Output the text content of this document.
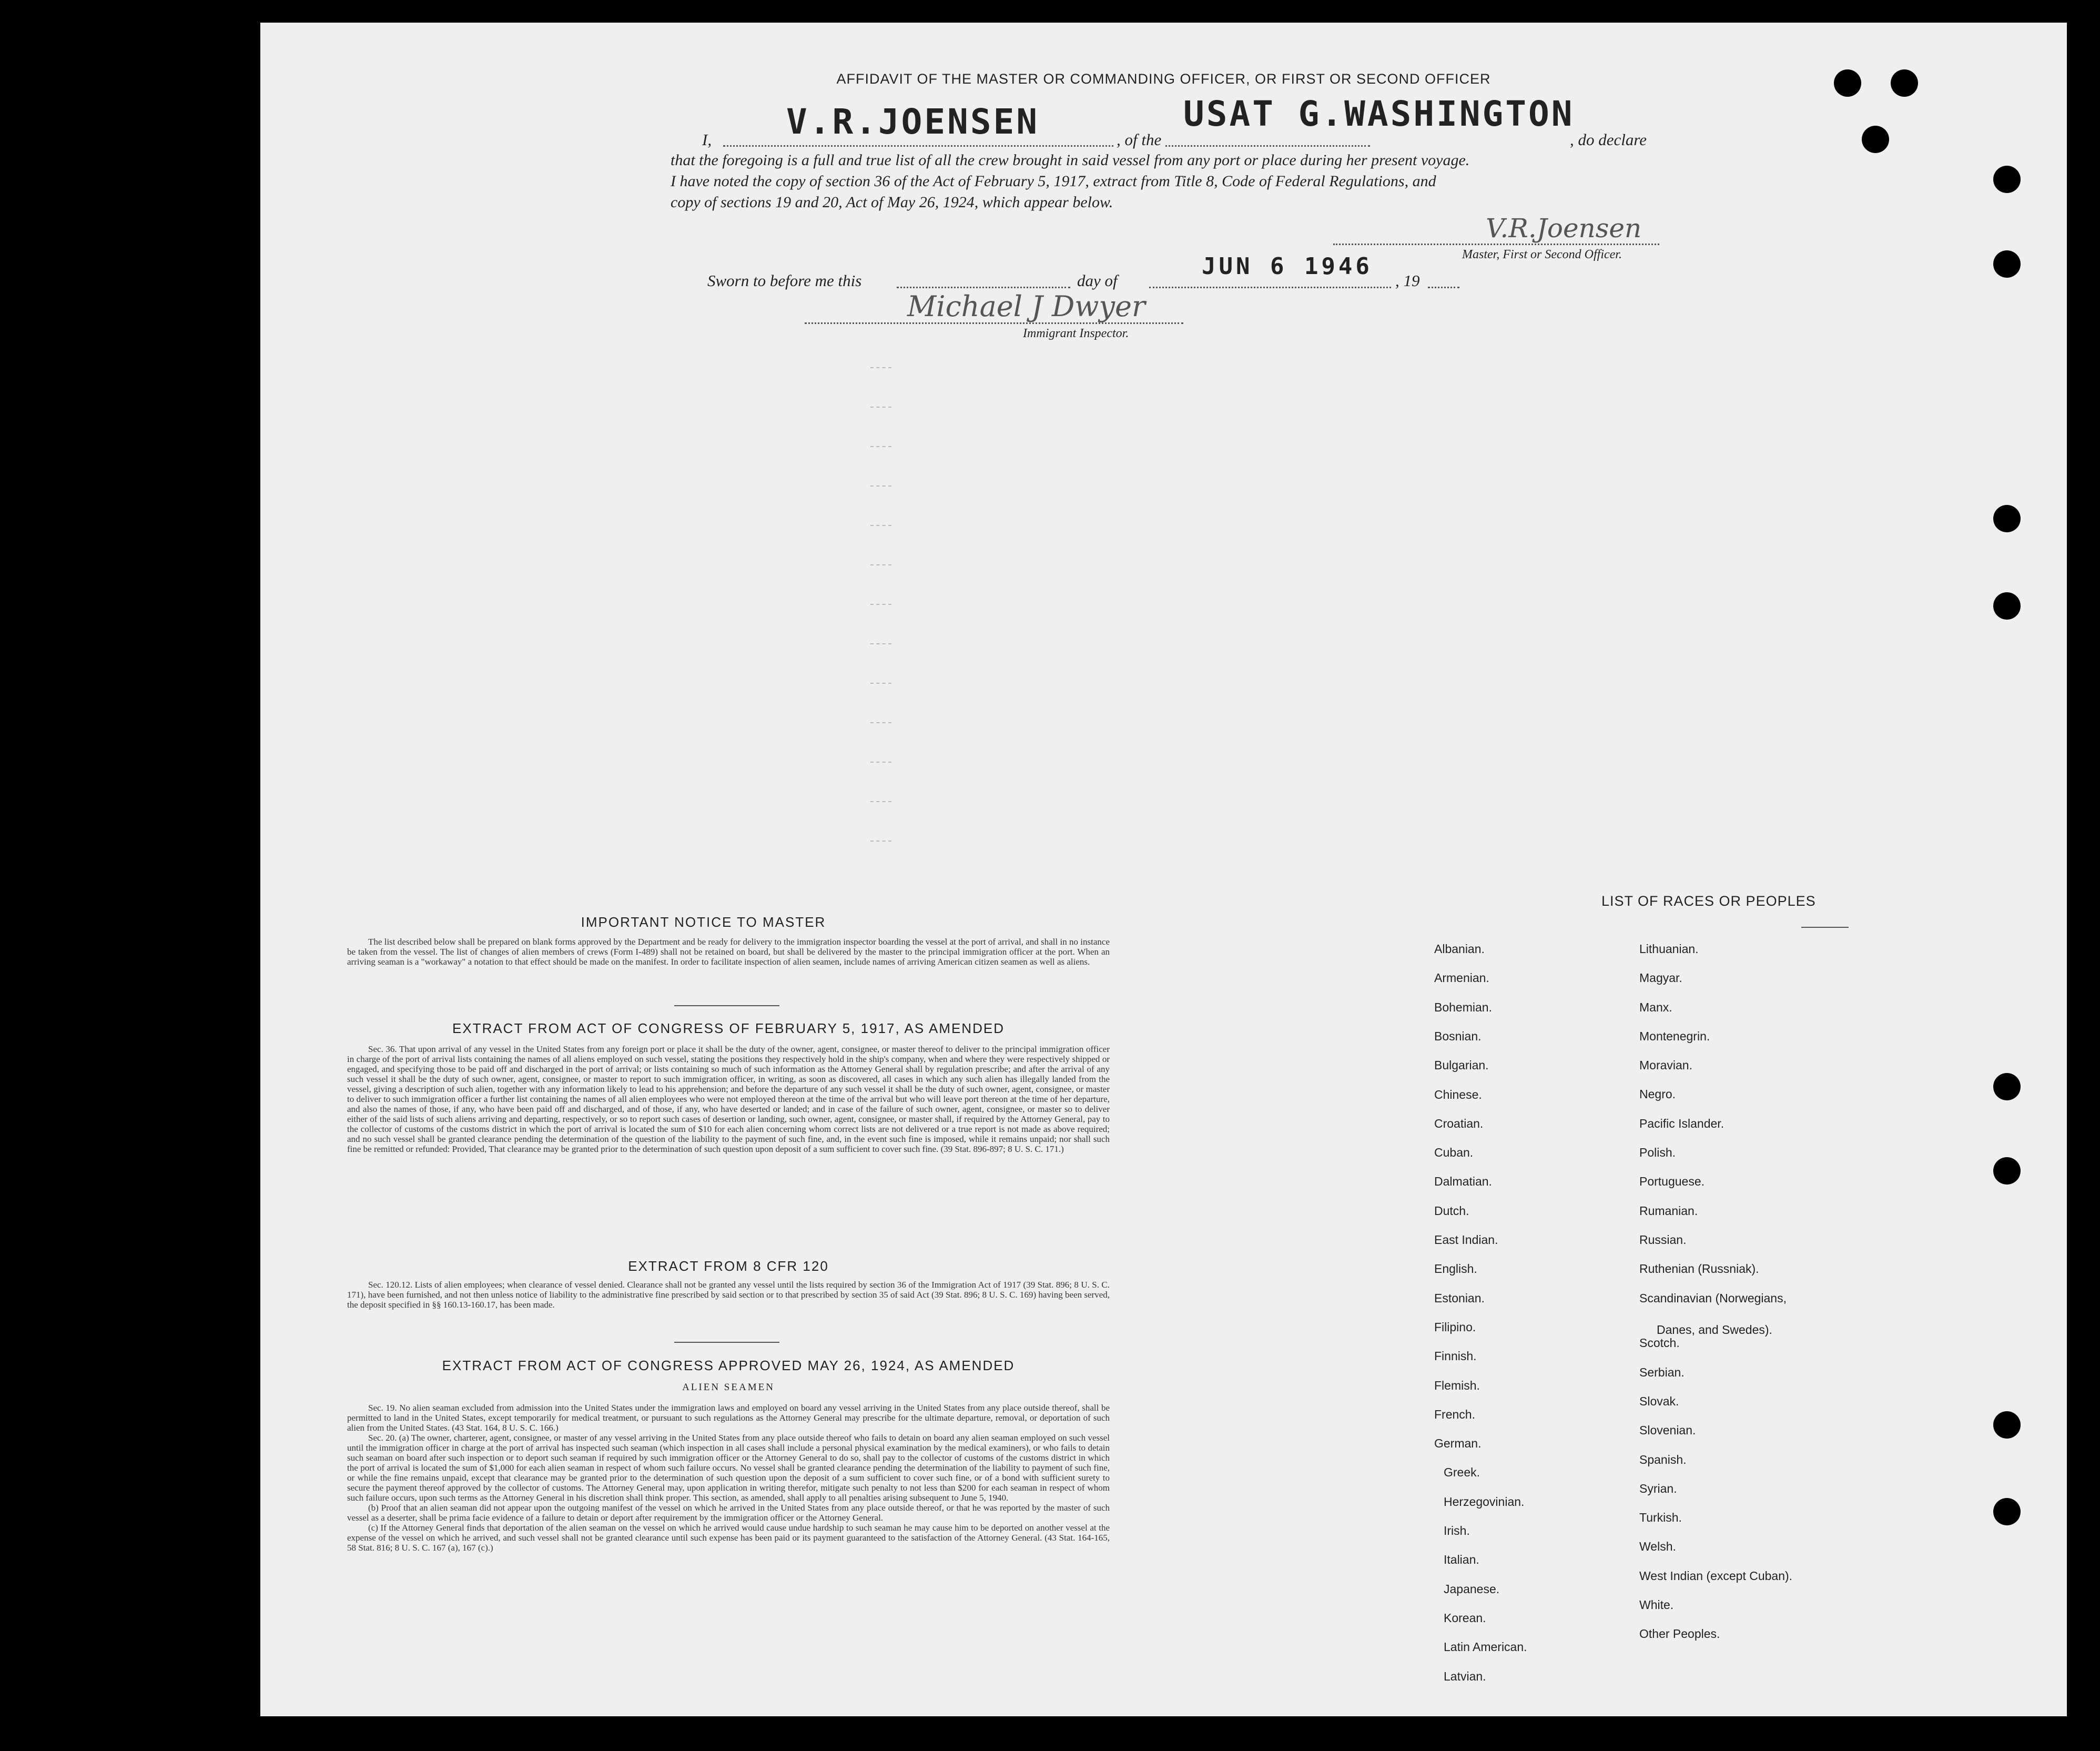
AFFIDAVIT OF THE MASTER OR COMMANDING OFFICER, OR FIRST OR SECOND OFFICER
I, V.R.JOENSEN	, of the
USAT G.WASHINGTON
, do declare
that the foregoing is a full and true list of all the crew brought in said vessel from any port or place during her present voyage.
I have noted the copy of section 36 of the Act of February 5, 1917, extract from Title 8, Code of Federal Regulations, and
copy of sections 19 and 20, Act of May 26, 1924, which appear below.
V.R.Joensen
Master, First or Second Officer.
Sworn to before me this	day of
JUN 6 1946
, 19
Michael J Dwyer
Immigrant Inspector.
IMPORTANT NOTICE TO MASTER

The list described below shall be prepared on blank forms approved by the Department and be ready for delivery to the immigration inspector boarding the vessel at the port of arrival, and shall in no instance be taken from the vessel. The list of changes of alien members of crews (Form I-489) shall not be retained on board, but shall be delivered by the master to the principal immigration officer at the port. When an arriving seaman is a "workaway" a notation to that effect should be made on the manifest. In order to facilitate inspection of alien seamen, include names of arriving American citizen seamen as well as aliens.

EXTRACT FROM ACT OF CONGRESS OF FEBRUARY 5, 1917, AS AMENDED

Sec. 36. That upon arrival of any vessel in the United States from any foreign port or place it shall be the duty of the owner, agent, consignee, or master thereof to deliver to the principal immigration officer in charge of the port of arrival lists containing the names of all aliens employed on such vessel, stating the positions they respectively hold in the ship's company, when and where they were respectively shipped or engaged, and specifying those to be paid off and discharged in the port of arrival; or lists containing so much of such information as the Attorney General shall by regulation prescribe; and after the arrival of any such vessel it shall be the duty of such owner, agent, consignee, or master to report to such immigration officer, in writing, as soon as discovered, all cases in which any such alien has illegally landed from the vessel, giving a description of such alien, together with any information likely to lead to his apprehension; and before the departure of any such vessel it shall be the duty of such owner, agent, consignee, or master to deliver to such immigration officer a further list containing the names of all alien employees who were not employed thereon at the time of the arrival but who will leave port thereon at the time of her departure, and also the names of those, if any, who have been paid off and discharged, and of those, if any, who have deserted or landed; and in case of the failure of such owner, agent, consignee, or master so to deliver either of the said lists of such aliens arriving and departing, respectively, or so to report such cases of desertion or landing, such owner, agent, consignee, or master shall, if required by the Attorney General, pay to the collector of customs of the customs district in which the port of arrival is located the sum of $10 for each alien concerning whom correct lists are not delivered or a true report is not made as above required; and no such vessel shall be granted clearance pending the determination of the question of the liability to the payment of such fine, and, in the event such fine is imposed, while it remains unpaid; nor shall such fine be remitted or refunded: Provided, That clearance may be granted prior to the determination of such question upon deposit of a sum sufficient to cover such fine. (39 Stat. 896-897; 8 U. S. C. 171.)

EXTRACT FROM 8 CFR 120

Sec. 120.12. Lists of alien employees; when clearance of vessel denied. Clearance shall not be granted any vessel until the lists required by section 36 of the Immigration Act of 1917 (39 Stat. 896; 8 U. S. C. 171), have been furnished, and not then unless notice of liability to the administrative fine prescribed by said section or to that prescribed by section 35 of said Act (39 Stat. 896; 8 U. S. C. 169) having been served, the deposit specified in §§ 160.13-160.17, has been made.

EXTRACT FROM ACT OF CONGRESS APPROVED MAY 26, 1924, AS AMENDED
ALIEN SEAMEN

Sec. 19. No alien seaman excluded from admission into the United States under the immigration laws and employed on board any vessel arriving in the United States from any place outside thereof, shall be permitted to land in the United States, except temporarily for medical treatment, or pursuant to such regulations as the Attorney General may prescribe for the ultimate departure, removal, or deportation of such alien from the United States. (43 Stat. 164, 8 U. S. C. 166.)

Sec. 20. (a) The owner, charterer, agent, consignee, or master of any vessel arriving in the United States from any place outside thereof who fails to detain on board any alien seaman employed on such vessel until the immigration officer in charge at the port of arrival has inspected such seaman (which inspection in all cases shall include a personal physical examination by the medical examiners), or who fails to detain such seaman on board after such inspection or to deport such seaman if required by such immigration officer or the Attorney General to do so, shall pay to the collector of customs of the customs district in which the port of arrival is located the sum of $1,000 for each alien seaman in respect of whom such failure occurs. No vessel shall be granted clearance pending the determination of the liability to payment of such fine, or while the fine remains unpaid, except that clearance may be granted prior to the determination of such question upon the deposit of a sum sufficient to cover such fine, or of a bond with sufficient surety to secure the payment thereof approved by the collector of customs. The Attorney General may, upon application in writing therefor, mitigate such penalty to not less than $200 for each seaman in respect of whom such failure occurs, upon such terms as the Attorney General in his discretion shall think proper. This section, as amended, shall apply to all penalties arising subsequent to June 5, 1940.

(b) Proof that an alien seaman did not appear upon the outgoing manifest of the vessel on which he arrived in the United States from any place outside thereof, or that he was reported by the master of such vessel as a deserter, shall be prima facie evidence of a failure to detain or deport after requirement by the immigration officer or the Attorney General.

(c) If the Attorney General finds that deportation of the alien seaman on the vessel on which he arrived would cause undue hardship to such seaman he may cause him to be deported on another vessel at the expense of the vessel on which he arrived, and such vessel shall not be granted clearance until such expense has been paid or its payment guaranteed to the satisfaction of the Attorney General. (43 Stat. 164-165, 58 Stat. 816; 8 U. S. C. 167 (a), 167 (c).)

LIST OF RACES OR PEOPLES
Albanian.
Armenian.
Bohemian.
Bosnian.
Bulgarian.
Chinese.
Croatian.
Cuban.
Dalmatian.
Dutch.
East Indian.
English.
Estonian.
Filipino.
Finnish.
Flemish.
French.
German.
Greek.
Herzegovinian.
Irish.
Italian.
Japanese.
Korean.
Latin American.
Latvian.
Lithuanian.
Magyar.
Manx.
Montenegrin.
Moravian.
Negro.
Pacific Islander.
Polish.
Portuguese.
Rumanian.
Russian.
Ruthenian (Russniak).
Scandinavian (Norwegians,
Danes, and Swedes).
Scotch.
Serbian.
Slovak.
Slovenian.
Spanish.
Syrian.
Turkish.
Welsh.
West Indian (except Cuban).
White.
Other Peoples.
